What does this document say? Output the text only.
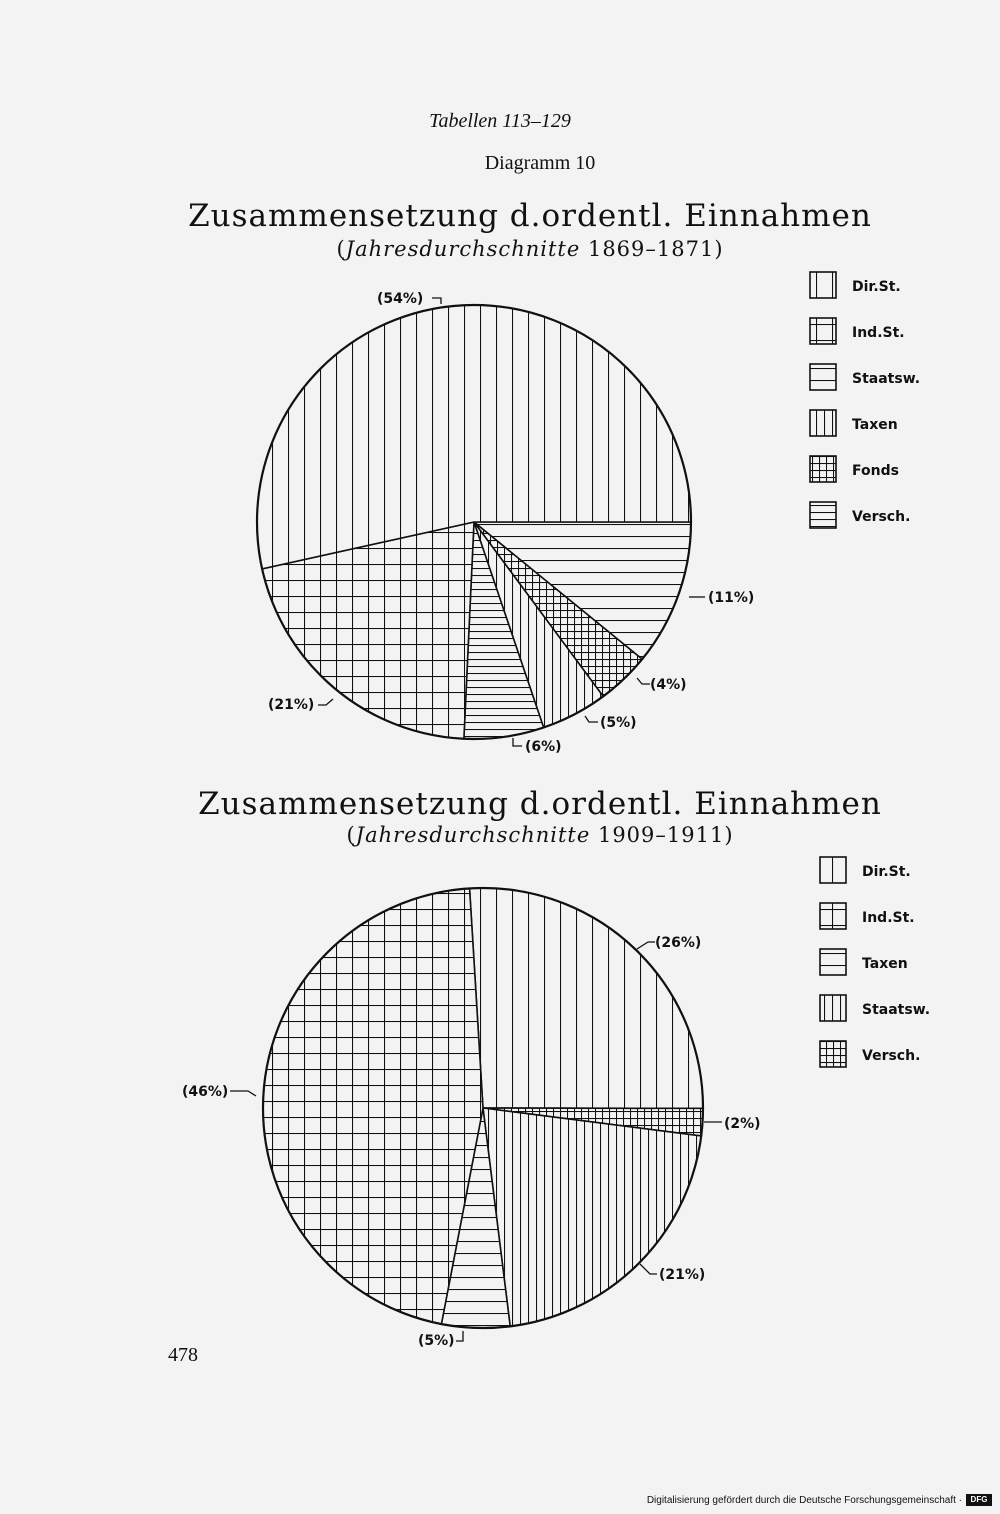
Tabellen 113–129
Diagramm 10
Zusammensetzung d.ordentl. Einnahmen
(Jahresdurchschnitte 1869–1871)
(54%)
(21%)
(11%)
(5%)
(4%)
(6%)
Dir.St.
Ind.St.
Staatsw.
Taxen
Fonds
Versch.
Zusammensetzung d.ordentl. Einnahmen
(Jahresdurchschnitte 1909–1911)
(26%)
(46%)
(5%)
(21%)
(2%)
Dir.St.
Ind.St.
Taxen
Staatsw.
Versch.
478
Digitalisierung gefördert durch die Deutsche Forschungsgemeinschaft ·	DFG
